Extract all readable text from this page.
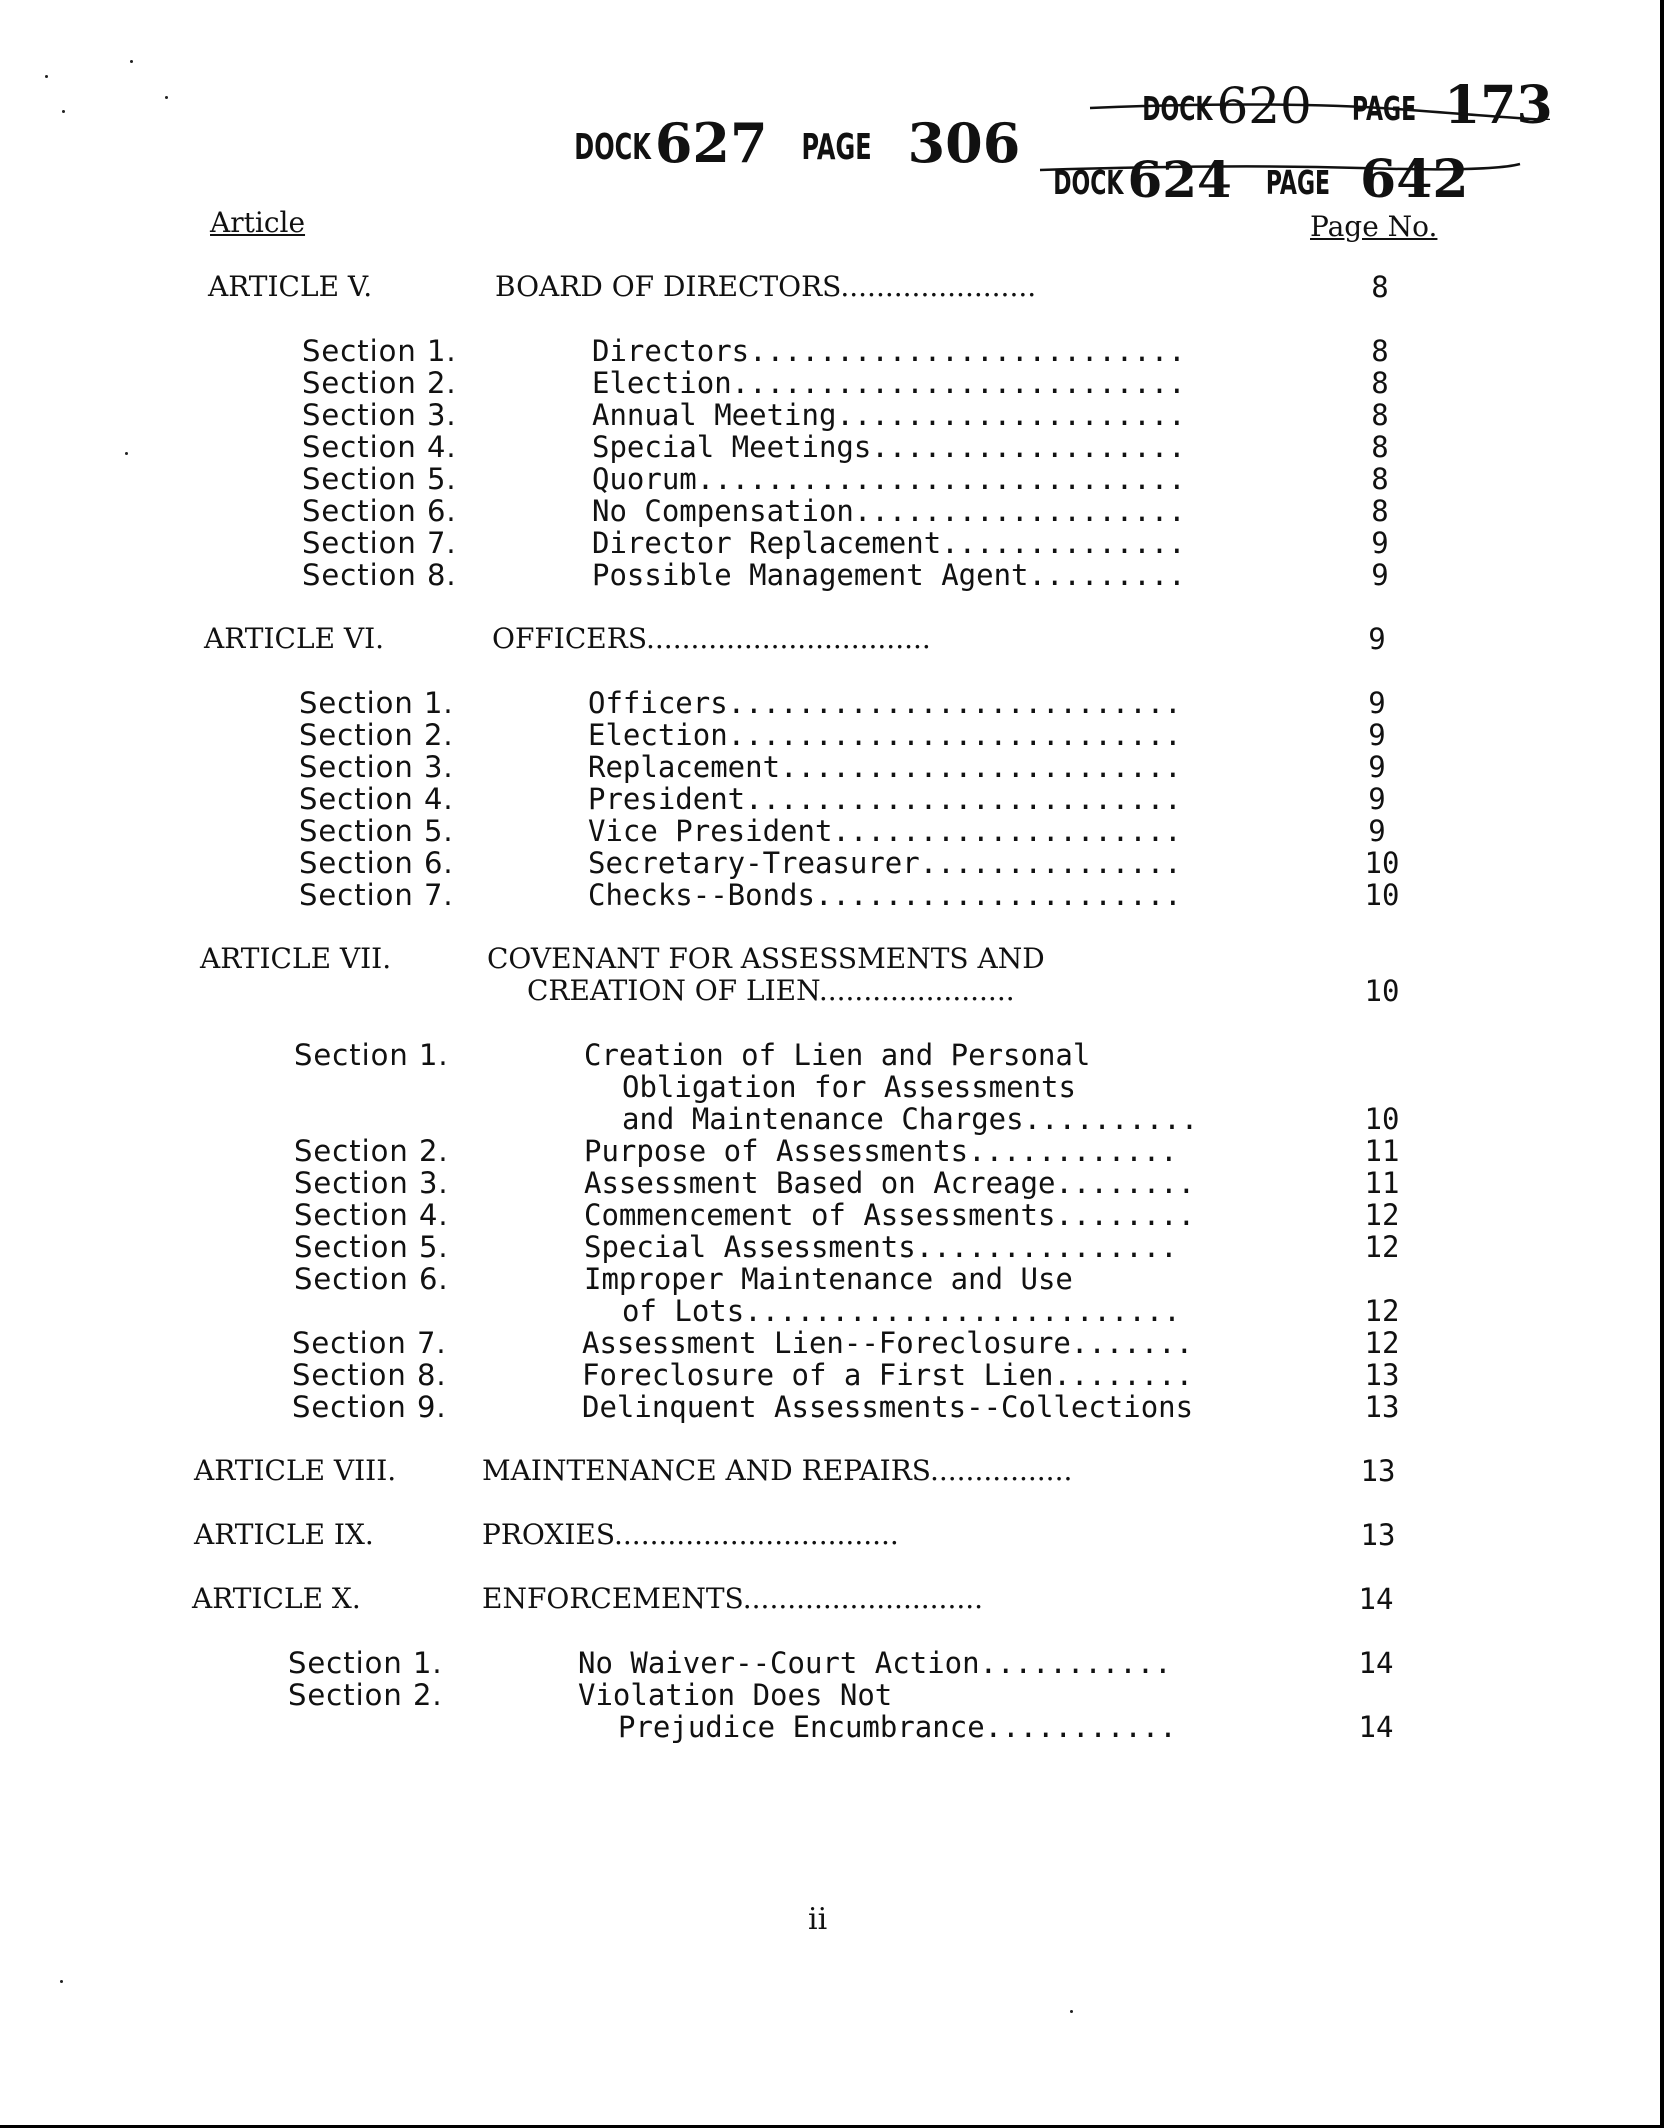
DOCK627 PAGE 306

DOCK620 PAGE 173

DOCK624 PAGE 642

Article	Page No.
ARTICLE V.	BOARD OF DIRECTORS......................	8
Section 1.	Directors.........................	8
Section 2.	Election..........................	8
Section 3.	Annual Meeting....................	8
Section 4.	Special Meetings..................	8
Section 5.	Quorum............................	8
Section 6.	No Compensation...................	8
Section 7.	Director Replacement..............	9
Section 8.	Possible Management Agent.........	9
ARTICLE VI.	OFFICERS................................	9
Section 1.	Officers..........................	9
Section 2.	Election..........................	9
Section 3.	Replacement.......................	9
Section 4.	President.........................	9
Section 5.	Vice President....................	9
Section 6.	Secretary-Treasurer...............	10
Section 7.	Checks--Bonds.....................	10
ARTICLE VII.	COVENANT FOR ASSESSMENTS AND
CREATION OF LIEN......................	10
Section 1.	Creation of Lien and Personal
Obligation for Assessments
and Maintenance Charges..........	10
Section 2.	Purpose of Assessments............	11
Section 3.	Assessment Based on Acreage........	11
Section 4.	Commencement of Assessments........	12
Section 5.	Special Assessments...............	12
Section 6.	Improper Maintenance and Use
of Lots.........................	12
Section 7.	Assessment Lien--Foreclosure.......	12
Section 8.	Foreclosure of a First Lien........	13
Section 9.	Delinquent Assessments--Collections	13
ARTICLE VIII.	MAINTENANCE AND REPAIRS................	13
ARTICLE IX.	PROXIES................................	13
ARTICLE X.	ENFORCEMENTS...........................	14
Section 1.	No Waiver--Court Action...........	14
Section 2.	Violation Does Not
Prejudice Encumbrance...........	14
ii
